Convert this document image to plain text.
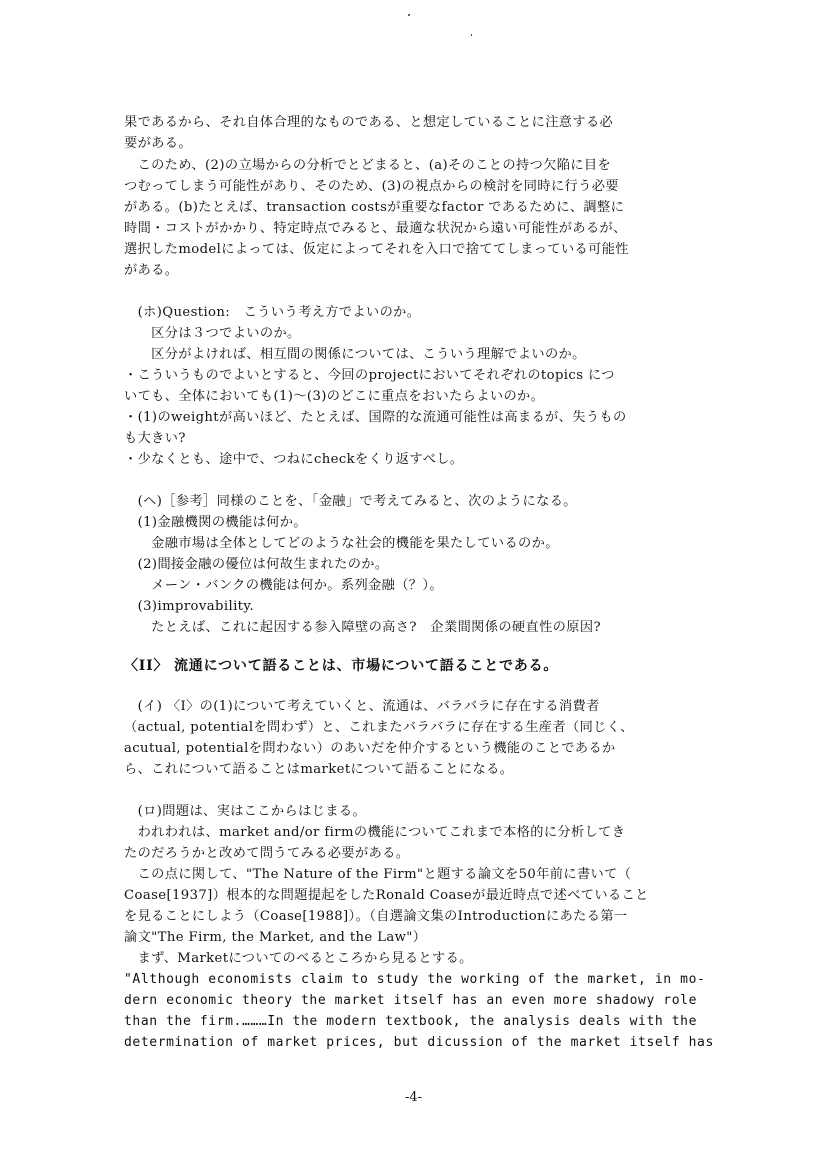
果であるから、それ自体合理的なものである、と想定していることに注意する必
要がある。
　このため、(2)の立場からの分析でとどまると、(a)そのことの持つ欠陥に目を
つむってしまう可能性があり、そのため、(3)の視点からの検討を同時に行う必要
がある。(b)たとえば、transaction costsが重要なfactor であるために、調整に
時間・コストがかかり、特定時点でみると、最適な状況から遠い可能性があるが、
選択したmodelによっては、仮定によってそれを入口で捨ててしまっている可能性
がある。
　(ホ)Question:　こういう考え方でよいのか。
　　区分は３つでよいのか。
　　区分がよければ、相互間の関係については、こういう理解でよいのか。
・こういうものでよいとすると、今回のprojectにおいてそれぞれのtopics につ
いても、全体においても(1)～(3)のどこに重点をおいたらよいのか。
・(1)のweightが高いほど、たとえば、国際的な流通可能性は高まるが、失うもの
も大きい?
・少なくとも、途中で、つねにcheckをくり返すべし。
　(ヘ)［参考］同様のことを、「金融」で考えてみると、次のようになる。
　(1)金融機関の機能は何か。
　　金融市場は全体としてどのような社会的機能を果たしているのか。
　(2)間接金融の優位は何故生まれたのか。
　　メーン・バンクの機能は何か。系列金融（？）。
　(3)improvability.
　　たとえば、これに起因する参入障壁の高さ?　企業間関係の硬直性の原因?
〈II〉 流通について語ることは、市場について語ることである。
　(イ) 〈I〉の(1)について考えていくと、流通は、バラバラに存在する消費者
（actual, potentialを問わず）と、これまたバラバラに存在する生産者（同じく、
acutual, potentialを問わない）のあいだを仲介するという機能のことであるか
ら、これについて語ることはmarketについて語ることになる。
　(ロ)問題は、実はここからはじまる。
　われわれは、market and/or firmの機能についてこれまで本格的に分析してき
たのだろうかと改めて問うてみる必要がある。
　この点に関して、"The Nature of the Firm"と題する論文を50年前に書いて（
Coase[1937]）根本的な問題提起をしたRonald Coaseが最近時点で述べていること
を見ることにしよう（Coase[1988]）。（自選論文集のIntroductionにあたる第一
論文"The Firm, the Market, and the Law"）
　まず、Marketについてのべるところから見るとする。
"Although economists claim to study the working of the market, in mo-
dern economic theory the market itself has an even more shadowy role
than the firm.………In the modern textbook, the analysis deals with the
determination of market prices, but dicussion of the market itself has
-4-
